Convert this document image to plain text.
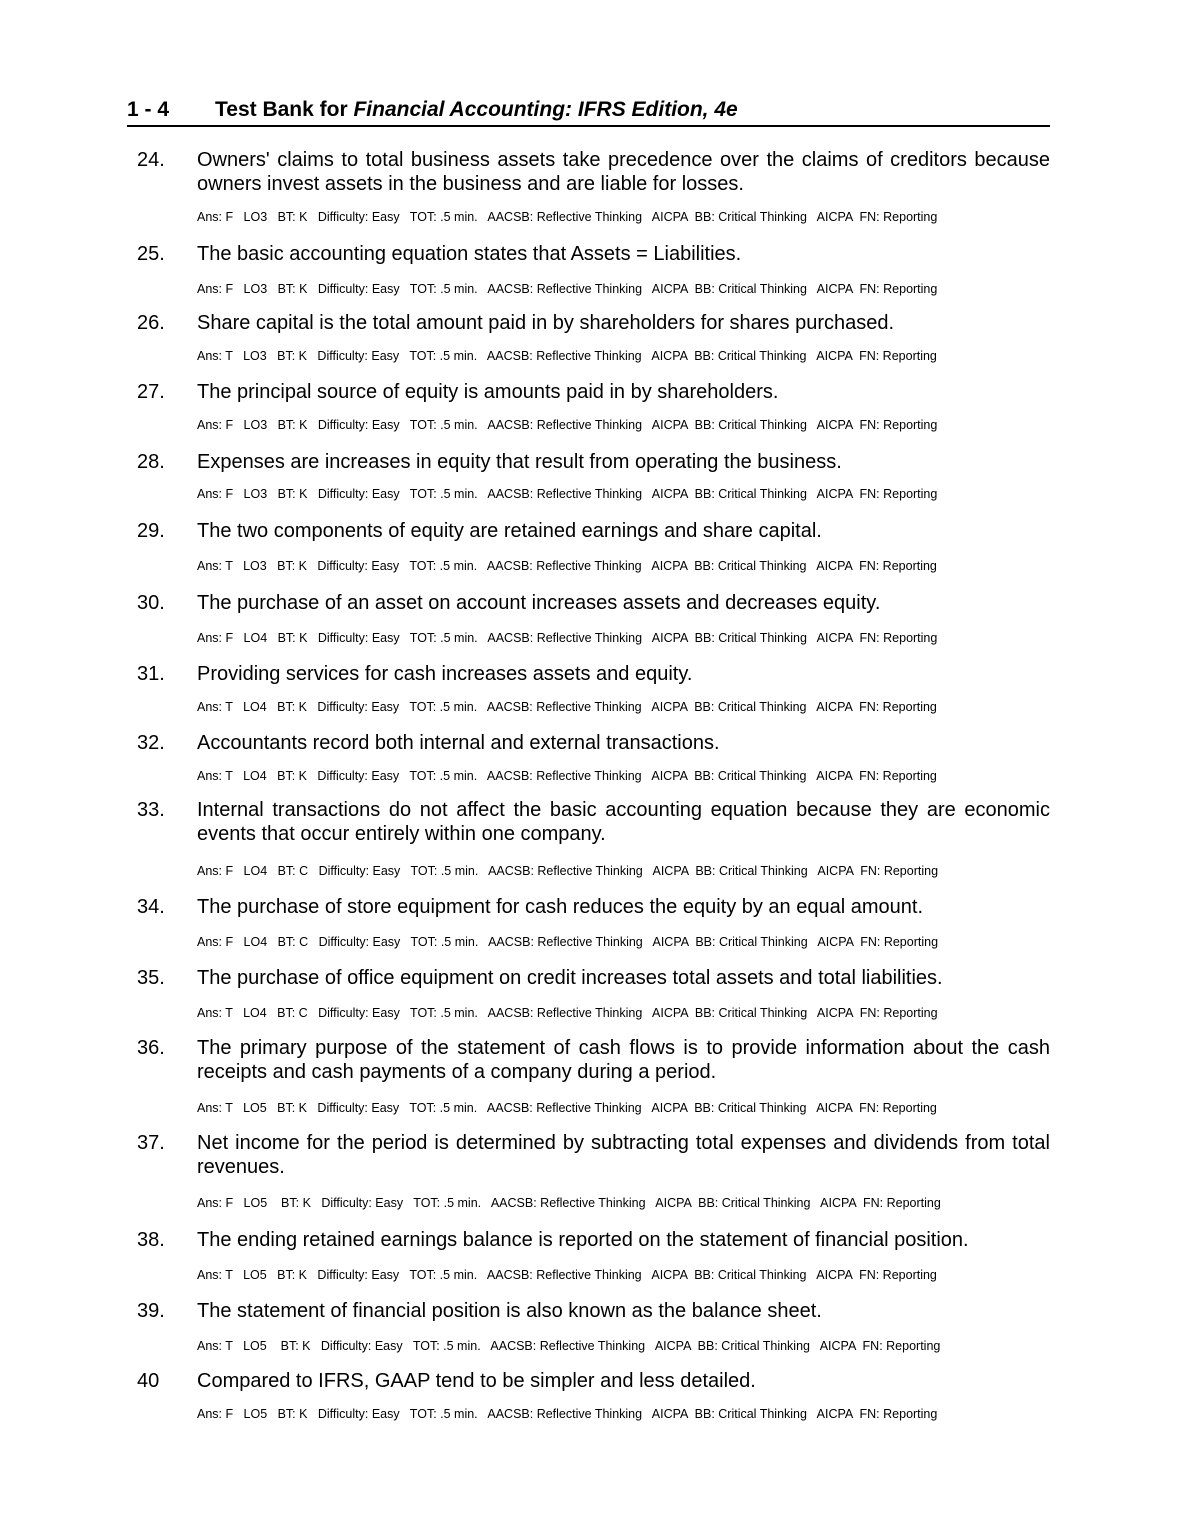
1 - 4 Test Bank for Financial Accounting: IFRS Edition, 4e
24. Owners' claims to total business assets take precedence over the claims of creditors because owners invest assets in the business and are liable for losses.
Ans: F   LO3   BT: K   Difficulty: Easy   TOT: .5 min.   AACSB: Reflective Thinking   AICPA  BB: Critical Thinking   AICPA  FN: Reporting
25. The basic accounting equation states that Assets = Liabilities.
Ans: F   LO3   BT: K   Difficulty: Easy   TOT: .5 min.   AACSB: Reflective Thinking   AICPA  BB: Critical Thinking   AICPA  FN: Reporting
26. Share capital is the total amount paid in by shareholders for shares purchased.
Ans: T   LO3   BT: K   Difficulty: Easy   TOT: .5 min.   AACSB: Reflective Thinking   AICPA  BB: Critical Thinking   AICPA  FN: Reporting
27. The principal source of equity is amounts paid in by shareholders.
Ans: F   LO3   BT: K   Difficulty: Easy   TOT: .5 min.   AACSB: Reflective Thinking   AICPA  BB: Critical Thinking   AICPA  FN: Reporting
28. Expenses are increases in equity that result from operating the business.
Ans: F   LO3   BT: K   Difficulty: Easy   TOT: .5 min.   AACSB: Reflective Thinking   AICPA  BB: Critical Thinking   AICPA  FN: Reporting
29. The two components of equity are retained earnings and share capital.
Ans: T   LO3   BT: K   Difficulty: Easy   TOT: .5 min.   AACSB: Reflective Thinking   AICPA  BB: Critical Thinking   AICPA  FN: Reporting
30. The purchase of an asset on account increases assets and decreases equity.
Ans: F   LO4   BT: K   Difficulty: Easy   TOT: .5 min.   AACSB: Reflective Thinking   AICPA  BB: Critical Thinking   AICPA  FN: Reporting
31. Providing services for cash increases assets and equity.
Ans: T   LO4   BT: K   Difficulty: Easy   TOT: .5 min.   AACSB: Reflective Thinking   AICPA  BB: Critical Thinking   AICPA  FN: Reporting
32. Accountants record both internal and external transactions.
Ans: T   LO4   BT: K   Difficulty: Easy   TOT: .5 min.   AACSB: Reflective Thinking   AICPA  BB: Critical Thinking   AICPA  FN: Reporting
33. Internal transactions do not affect the basic accounting equation because they are economic events that occur entirely within one company.
Ans: F   LO4   BT: C   Difficulty: Easy   TOT: .5 min.   AACSB: Reflective Thinking   AICPA  BB: Critical Thinking   AICPA  FN: Reporting
34. The purchase of store equipment for cash reduces the equity by an equal amount.
Ans: F   LO4   BT: C   Difficulty: Easy   TOT: .5 min.   AACSB: Reflective Thinking   AICPA  BB: Critical Thinking   AICPA  FN: Reporting
35. The purchase of office equipment on credit increases total assets and total liabilities.
Ans: T   LO4   BT: C   Difficulty: Easy   TOT: .5 min.   AACSB: Reflective Thinking   AICPA  BB: Critical Thinking   AICPA  FN: Reporting
36. The primary purpose of the statement of cash flows is to provide information about the cash receipts and cash payments of a company during a period.
Ans: T   LO5   BT: K   Difficulty: Easy   TOT: .5 min.   AACSB: Reflective Thinking   AICPA  BB: Critical Thinking   AICPA  FN: Reporting
37. Net income for the period is determined by subtracting total expenses and dividends from total revenues.
Ans: F   LO5    BT: K   Difficulty: Easy   TOT: .5 min.   AACSB: Reflective Thinking   AICPA  BB: Critical Thinking   AICPA  FN: Reporting
38. The ending retained earnings balance is reported on the statement of financial position.
Ans: T   LO5   BT: K   Difficulty: Easy   TOT: .5 min.   AACSB: Reflective Thinking   AICPA  BB: Critical Thinking   AICPA  FN: Reporting
39. The statement of financial position is also known as the balance sheet.
Ans: T   LO5    BT: K   Difficulty: Easy   TOT: .5 min.   AACSB: Reflective Thinking   AICPA  BB: Critical Thinking   AICPA  FN: Reporting
40 Compared to IFRS, GAAP tend to be simpler and less detailed.
Ans: F   LO5   BT: K   Difficulty: Easy   TOT: .5 min.   AACSB: Reflective Thinking   AICPA  BB: Critical Thinking   AICPA  FN: Reporting
